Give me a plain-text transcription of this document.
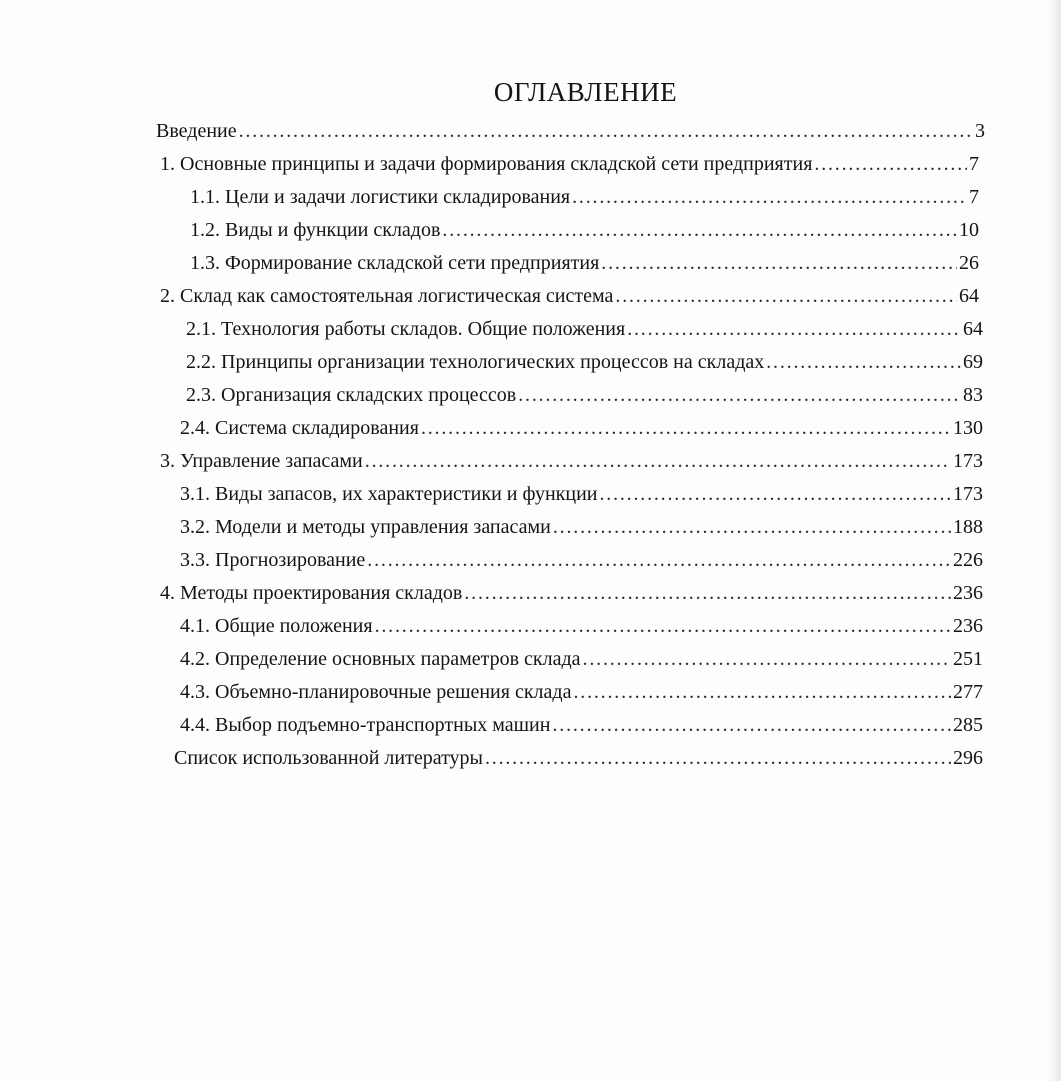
ОГЛАВЛЕНИЕ
Введение . . .	3
1. Основные принципы и задачи формирования складской сети предприятия . . .	7
1.1. Цели и задачи логистики складирования . . .	7
1.2. Виды и функции складов . . .	10
1.3. Формирование складской сети предприятия . . .	26
2. Склад как самостоятельная логистическая система . . .	64
2.1. Технология работы складов. Общие положения . . .	64
2.2. Принципы организации технологических процессов на складах . . .	69
2.3. Организация складских процессов . . .	83
2.4. Система складирования . . .	130
3. Управление запасами . . .	173
3.1. Виды запасов, их характеристики и функции . . .	173
3.2. Модели и методы управления запасами . . .	188
3.3. Прогнозирование . . .	226
4. Методы проектирования складов . . .	236
4.1. Общие положения . . .	236
4.2. Определение основных параметров склада . . .	251
4.3. Объемно-планировочные решения склада . . .	277
4.4. Выбор подъемно-транспортных машин . . .	285
Список использованной литературы . . .	296
